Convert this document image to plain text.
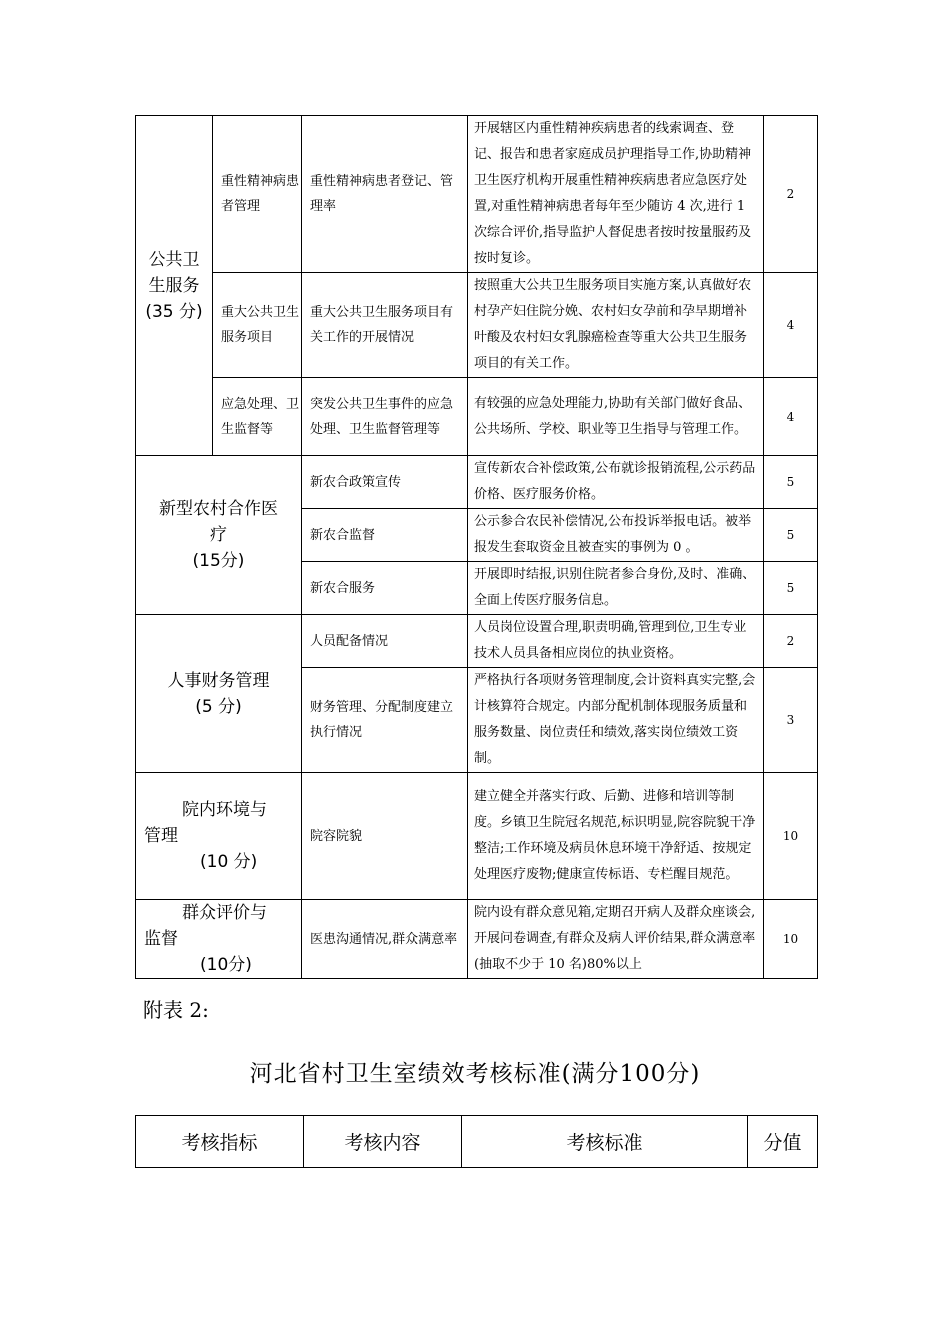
公共卫
生服务
(35 分)	重性精神病患者管理	重性精神病患者登记、管理率	开展辖区内重性精神疾病患者的线索调查、登记、报告和患者家庭成员护理指导工作,协助精神卫生医疗机构开展重性精神疾病患者应急医疗处置,对重性精神病患者每年至少随访 4 次,进行 1 次综合评价,指导监护人督促患者按时按量服药及按时复诊。	2
	重大公共卫生服务项目	重大公共卫生服务项目有关工作的开展情况	按照重大公共卫生服务项目实施方案,认真做好农村孕产妇住院分娩、农村妇女孕前和孕早期增补叶酸及农村妇女乳腺癌检查等重大公共卫生服务项目的有关工作。	4
	应急处理、卫生监督等	突发公共卫生事件的应急处理、卫生监督管理等	有较强的应急处理能力,协助有关部门做好食品、公共场所、学校、职业等卫生指导与管理工作。	4

新型农村合作医
疗
(15分)		新农合政策宣传	宣传新农合补偿政策,公布就诊报销流程,公示药品价格、医疗服务价格。	5
		新农合监督	公示参合农民补偿情况,公布投诉举报电话。被举报发生套取资金且被查实的事例为 0 。	5
		新农合服务	开展即时结报,识别住院者参合身份,及时、准确、全面上传医疗服务信息。	5

人事财务管理
(5 分)		人员配备情况	人员岗位设置合理,职责明确,管理到位,卫生专业技术人员具备相应岗位的执业资格。	2
		财务管理、分配制度建立执行情况	严格执行各项财务管理制度,会计资料真实完整,会计核算符合规定。内部分配机制体现服务质量和服务数量、岗位责任和绩效,落实岗位绩效工资制。	3

院内环境与
管理
(10 分)		院容院貌	建立健全并落实行政、后勤、进修和培训等制度。乡镇卫生院冠名规范,标识明显,院容院貌干净整洁;工作环境及病员休息环境干净舒适、按规定处理医疗废物;健康宣传标语、专栏醒目规范。	10

群众评价与
监督
(10分)		医患沟通情况,群众满意率	院内设有群众意见箱,定期召开病人及群众座谈会,开展问卷调查,有群众及病人评价结果,群众满意率(抽取不少于 10 名)80%以上	10
附表 2:
河北省村卫生室绩效考核标准(满分100分)
考核指标	考核内容	考核标准	分值
